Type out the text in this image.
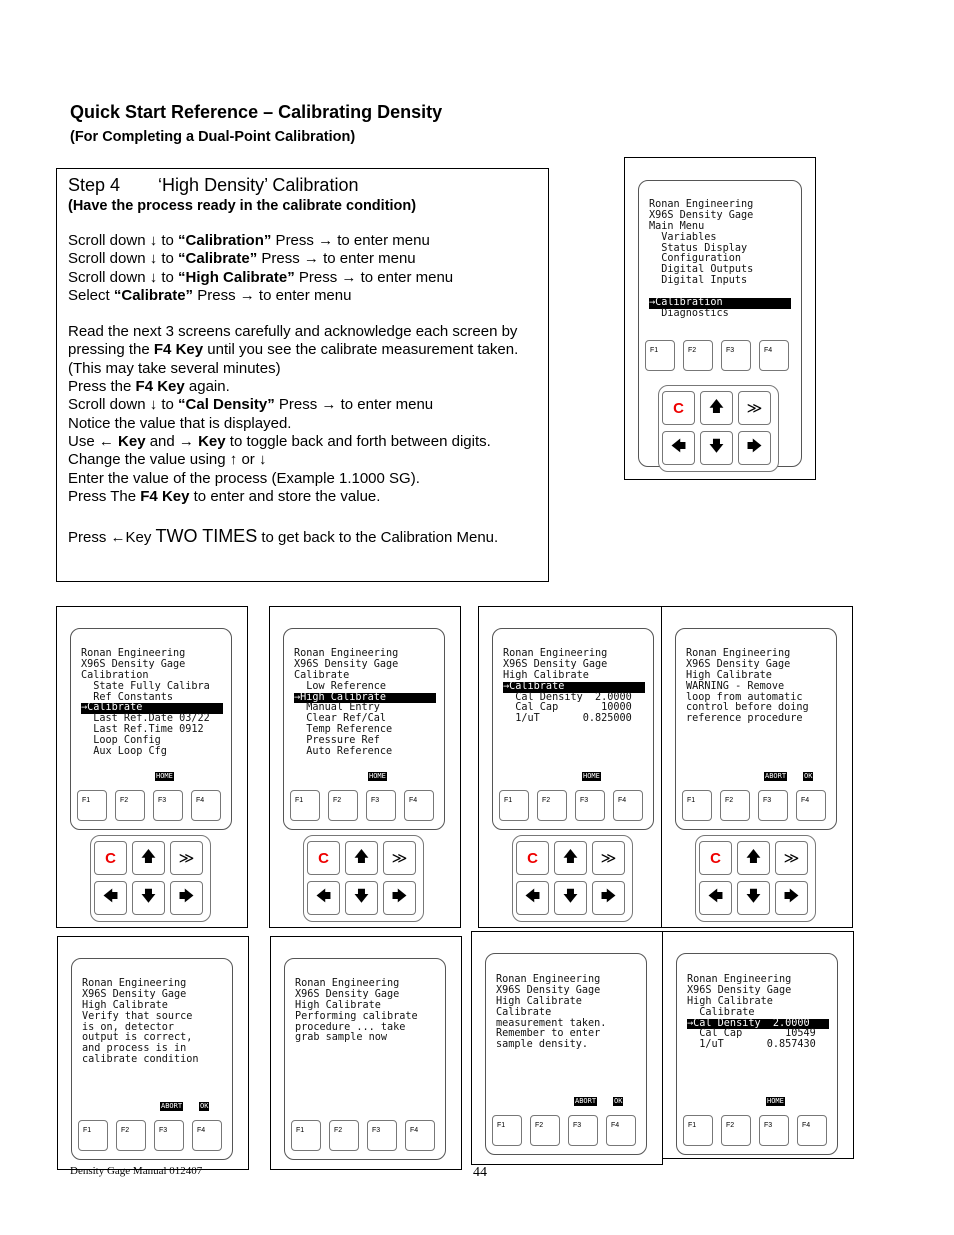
Quick Start Reference – Calibrating Density
(For Completing a Dual-Point Calibration)
Step 4 ‘High Density’ Calibration
(Have the process ready in the calibrate condition)
Scroll down ↓ to “Calibration” Press → to enter menu
Scroll down ↓ to “Calibrate” Press → to enter menu
Scroll down ↓ to “High Calibrate” Press → to enter menu
Select “Calibrate” Press → to enter menu
Read the next 3 screens carefully and acknowledge each screen by
pressing the F4 Key until you see the calibrate measurement taken.
(This may take several minutes)
Press the F4 Key again.
Scroll down ↓ to “Cal Density” Press → to enter menu
Notice the value that is displayed.
Use ← Key and → Key to toggle back and forth between digits.
Change the value using ↑ or ↓
Enter the value of the process (Example 1.1000 SG).
Press The F4 Key to enter and store the value.
Press ←Key TWO TIMES to get back to the Calibration Menu.
Ronan Engineering
X96S Density Gage
Main Menu
Variables
Status Display
Configuration
Digital Outputs
Digital Inputs
→Calibration
Diagnostics
F1	F2	F3	F4
C	🡅	≫
🡄	🡇	🡆
Ronan Engineering
X96S Density Gage
Calibration
State Fully Calibra
Ref Constants
→Calibrate
Last Ref.Date 03/22
Last Ref.Time 0912
Loop Config
Aux Loop Cfg
HOME
F1	F2	F3	F4
C	🡅	≫
🡄	🡇	🡆
Ronan Engineering
X96S Density Gage
Calibrate
Low Reference
→High Calibrate
Manual Entry
Clear Ref/Cal
Temp Reference
Pressure Ref
Auto Reference
HOME
F1	F2	F3	F4
C	🡅	≫
🡄	🡇	🡆
Ronan Engineering
X96S Density Gage
High Calibrate
→Calibrate
Cal Density  2.0000
Cal Cap       10000
1/uT       0.825000
HOME
F1	F2	F3	F4
C	🡅	≫
🡄	🡇	🡆
Ronan Engineering
X96S Density Gage
High Calibrate
WARNING - Remove
loop from automatic
control before doing
reference procedure
ABORT	OK
F1	F2	F3	F4
C	🡅	≫
🡄	🡇	🡆
Ronan Engineering
X96S Density Gage
High Calibrate
Verify that source
is on, detector
output is correct,
and process is in
calibrate condition
ABORT	OK
F1	F2	F3	F4
Ronan Engineering
X96S Density Gage
High Calibrate
Performing calibrate
procedure ... take
grab sample now
F1	F2	F3	F4
Ronan Engineering
X96S Density Gage
High Calibrate
Calibrate
measurement taken.
Remember to enter
sample density.
ABORT	OK
F1	F2	F3	F4
Ronan Engineering
X96S Density Gage
High Calibrate
Calibrate
→Cal Density  2.0000
Cal Cap       10549
1/uT       0.857430
HOME
F1	F2	F3	F4
Density Gage Manual 012407	44
